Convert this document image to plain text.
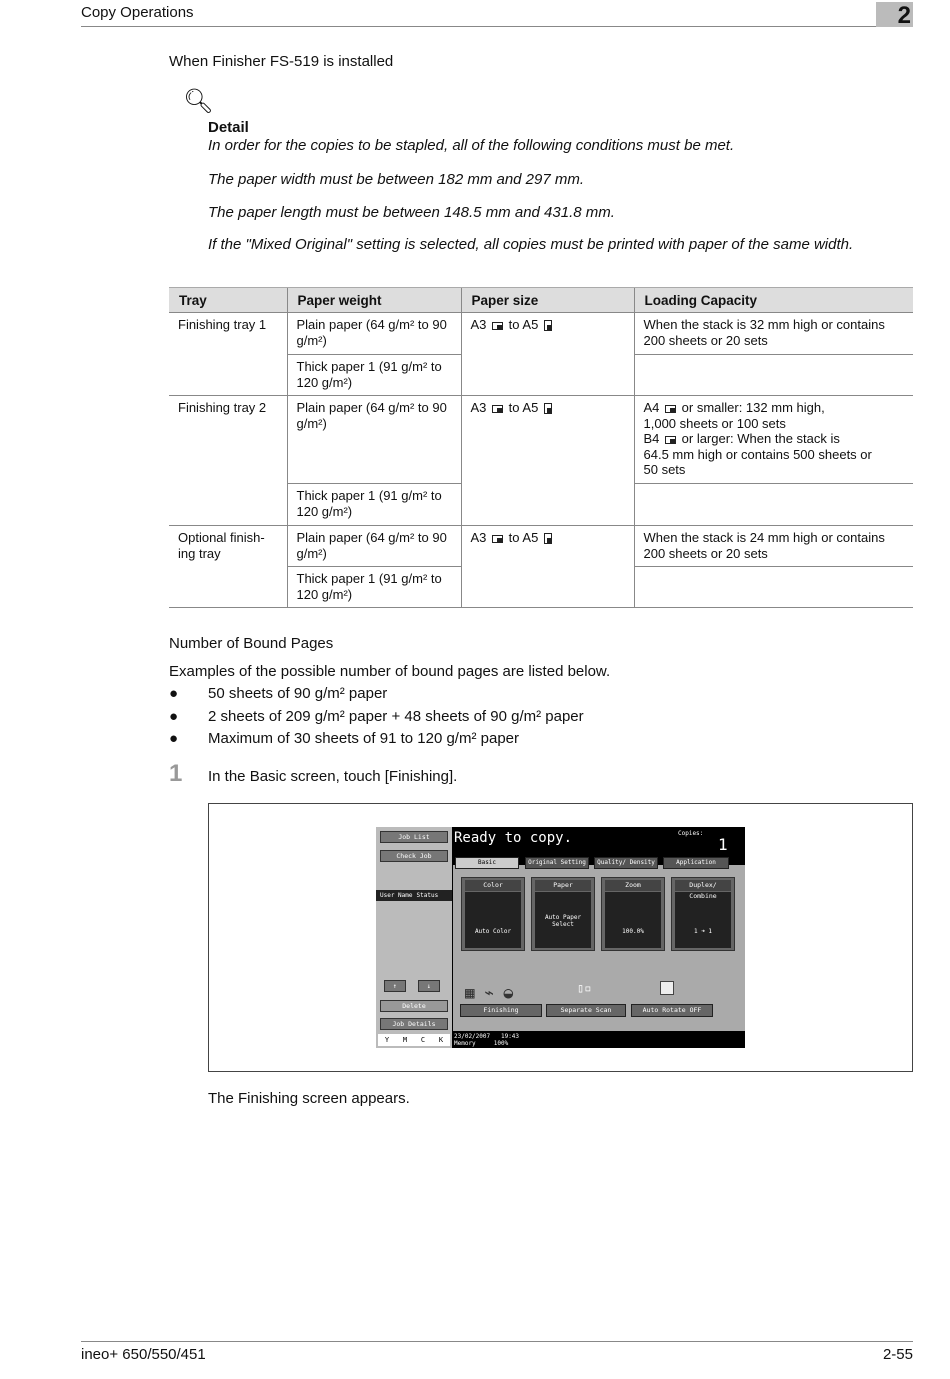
Copy Operations	2
When Finisher FS-519 is installed
🔍︎
Detail
In order for the copies to be stapled, all of the following conditions must be met.
The paper width must be between 182 mm and 297 mm.
The paper length must be between 148.5 mm and 431.8 mm.
If the "Mixed Original" setting is selected, all copies must be printed with paper of the same width.
Tray	Paper weight	Paper size	Loading Capacity
Finishing tray 1	Plain paper (64 g/m² to 90 g/m²)	A3 to A5	When the stack is 32 mm high or contains 200 sheets or 20 sets
	Thick paper 1 (91 g/m² to 120 g/m²)		
Finishing tray 2	Plain paper (64 g/m² to 90 g/m²)	A3 to A5	A4  or smaller: 132 mm high,
1,000 sheets or 100 sets
B4  or larger: When the stack is
64.5 mm high or contains 500 sheets or
50 sets
	Thick paper 1 (91 g/m² to 120 g/m²)		
Optional finish-ing tray	Plain paper (64 g/m² to 90 g/m²)	A3 to A5	When the stack is 24 mm high or contains 200 sheets or 20 sets
	Thick paper 1 (91 g/m² to 120 g/m²)		
Number of Bound Pages
Examples of the possible number of bound pages are listed below.
● 50 sheets of 90 g/m² paper
● 2 sheets of 209 g/m² paper + 48 sheets of 90 g/m² paper
● Maximum of 30 sheets of 91 to 120 g/m² paper
1 In the Basic screen, touch [Finishing].
Job List
Check Job
User Name Status
↑	↓
Delete
Job Details
Y M C K
Ready to copy.	Copies:
1
Basic	Original Setting	Quality/ Density	Application
Color
Auto Color
Paper
Auto Paper Select
Zoom
100.0%
Duplex/ Combine
1 ➜ 1
▦ ⌁ ◒	▯▫
Finishing	Separate Scan	Auto Rotate OFF
23/02/2007 19:43
Memory	100%
The Finishing screen appears.
ineo+ 650/550/451	2-55
